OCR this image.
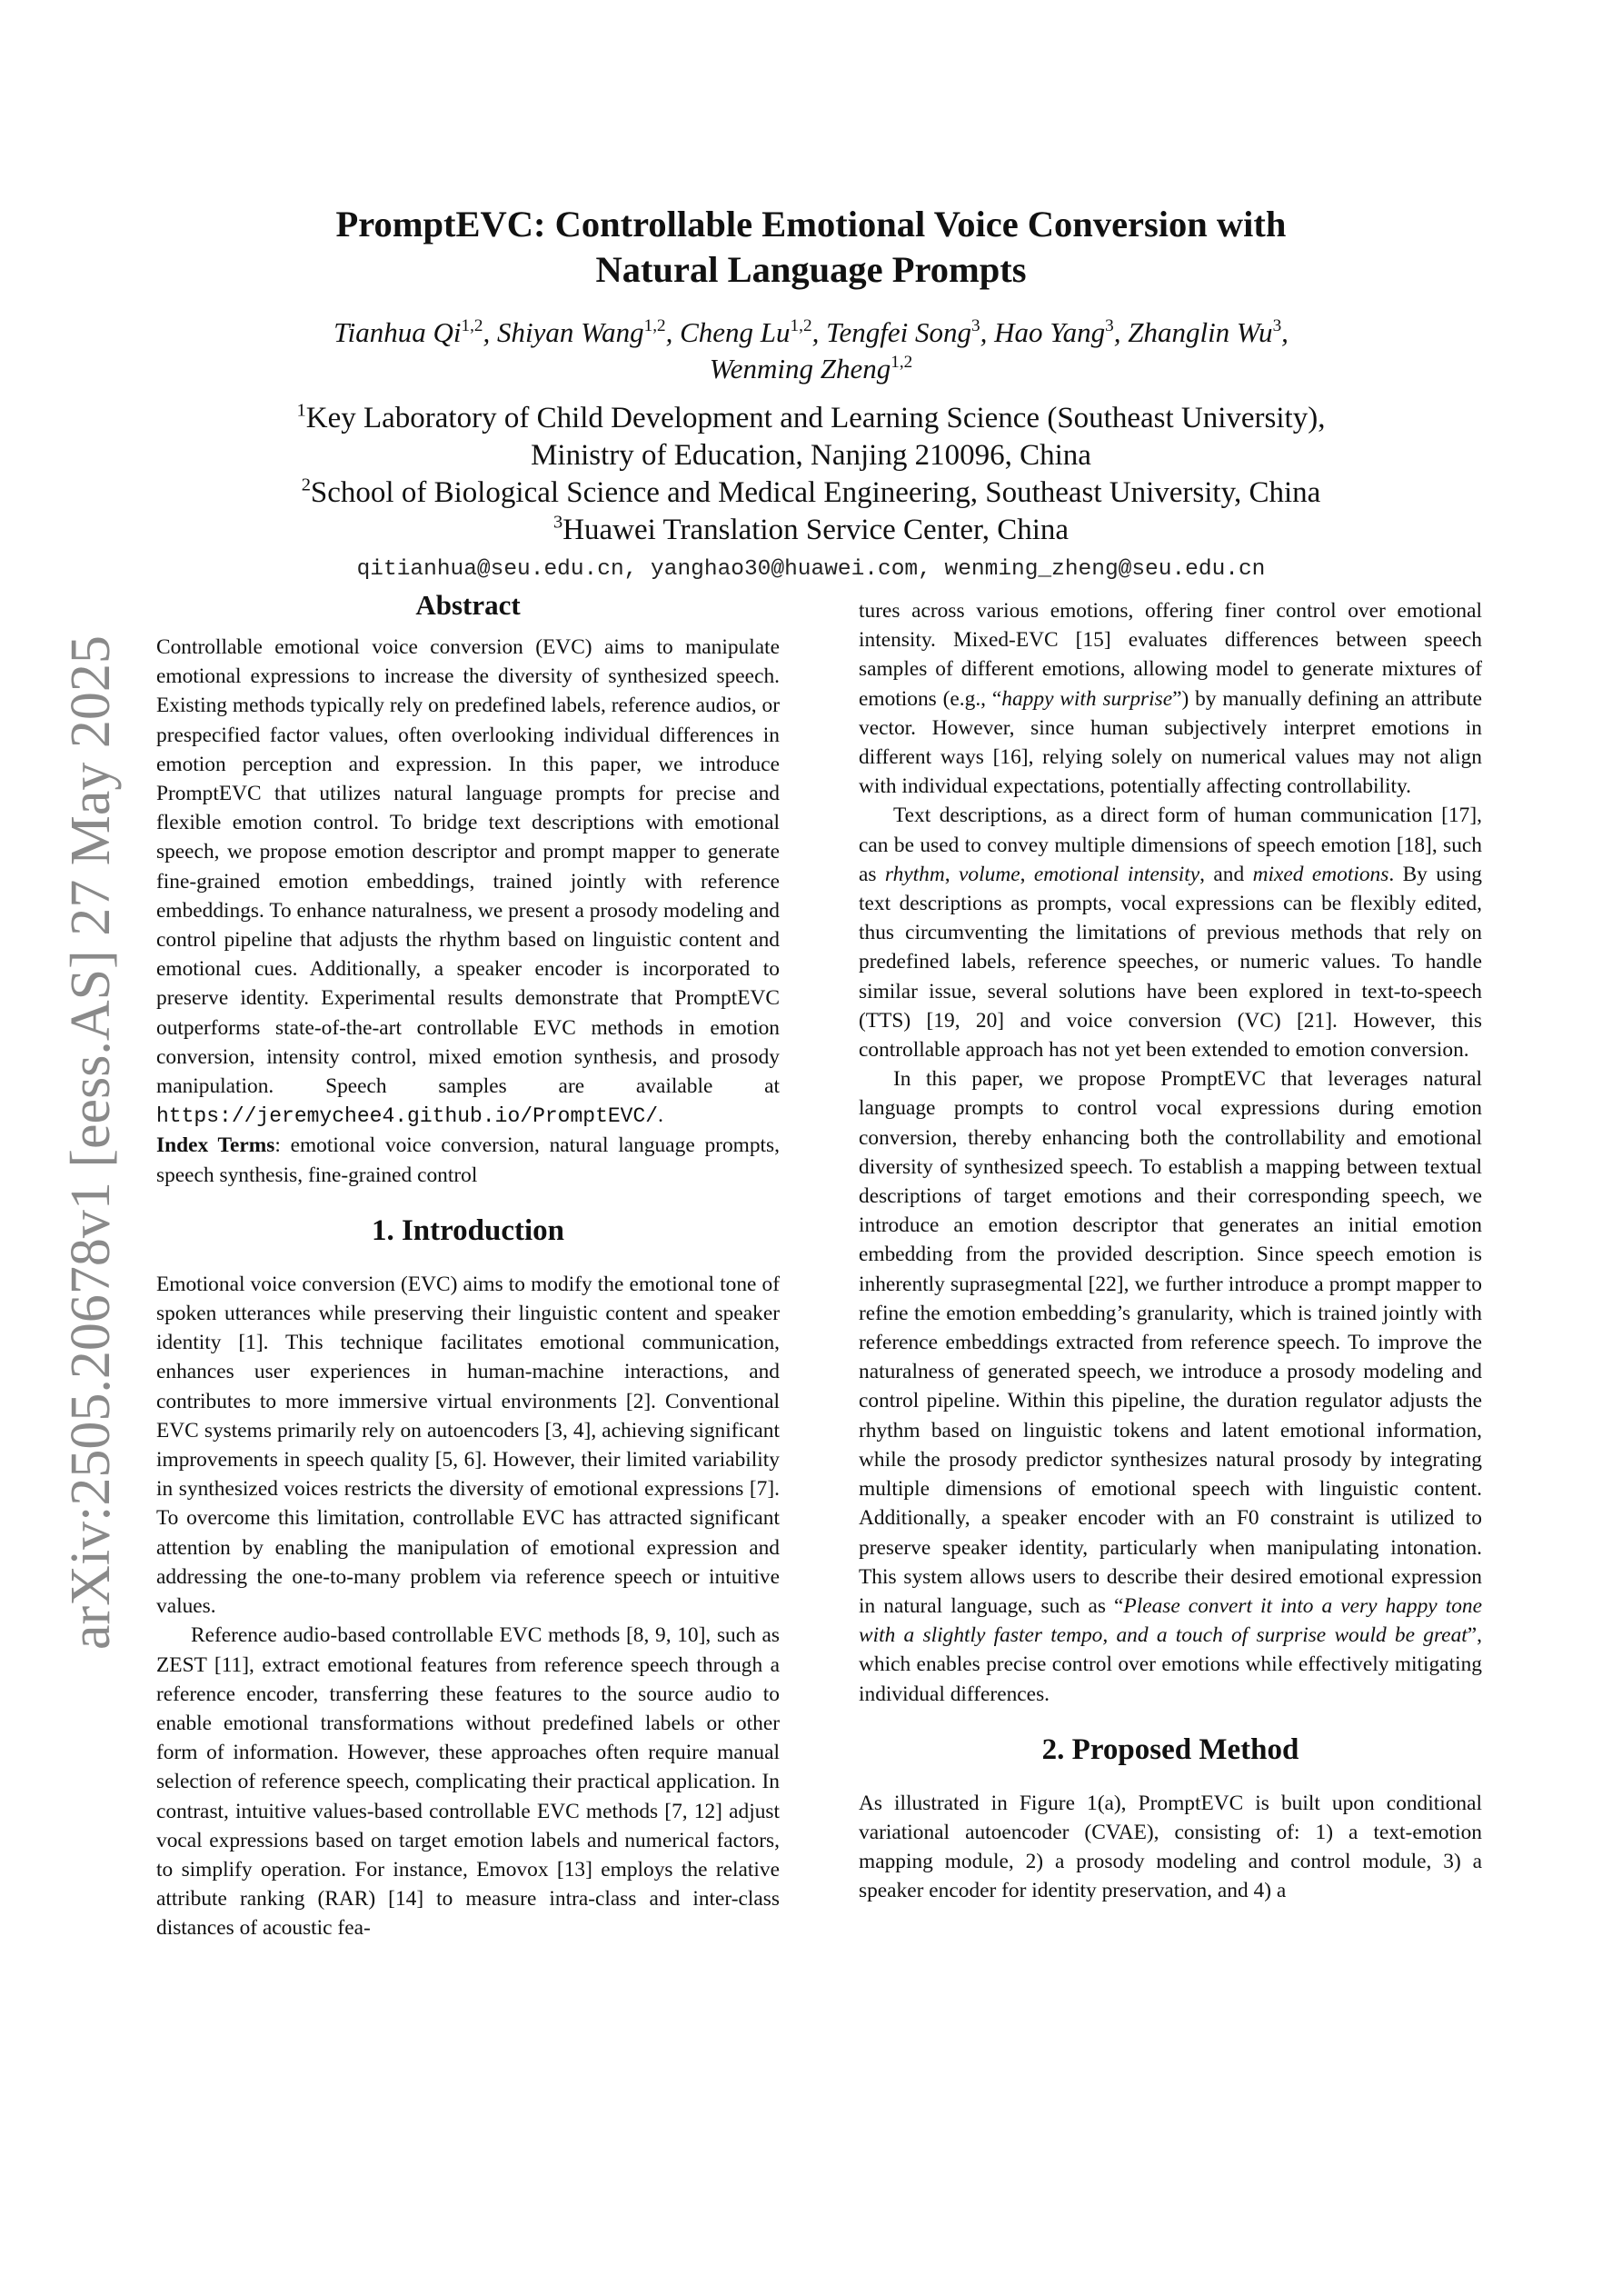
arXiv:2505.20678v1 [eess.AS] 27 May 2025
PromptEVC: Controllable Emotional Voice Conversion with
Natural Language Prompts
Tianhua Qi$^{1,2}$, Shiyan Wang$^{1,2}$, Cheng Lu$^{1,2}$, Tengfei Song$^3$, Hao Yang$^3$, Zhanglin Wu$^3$,
Wenming Zheng$^{1,2}$
$^1$Key Laboratory of Child Development and Learning Science (Southeast University),
Ministry of Education, Nanjing 210096, China
$^2$School of Biological Science and Medical Engineering, Southeast University, China
$^3$Huawei Translation Service Center, China
qitianhua@seu.edu.cn, yanghao30@huawei.com, wenming_zheng@seu.edu.cn
Abstract

Controllable emotional voice conversion (EVC) aims to manipulate emotional expressions to increase the diversity of synthesized speech. Existing methods typically rely on predefined labels, reference audios, or prespecified factor values, often overlooking individual differences in emotion perception and expression. In this paper, we introduce PromptEVC that utilizes natural language prompts for precise and flexible emotion control. To bridge text descriptions with emotional speech, we propose emotion descriptor and prompt mapper to generate fine-grained emotion embeddings, trained jointly with reference embeddings. To enhance naturalness, we present a prosody modeling and control pipeline that adjusts the rhythm based on linguistic content and emotional cues. Additionally, a speaker encoder is incorporated to preserve identity. Experimental results demonstrate that PromptEVC outperforms state-of-the-art controllable EVC methods in emotion conversion, intensity control, mixed emotion synthesis, and prosody manipulation. Speech samples are available at https://jeremychee4.github.io/PromptEVC/.

Index Terms: emotional voice conversion, natural language prompts, speech synthesis, fine-grained control

1. Introduction

Emotional voice conversion (EVC) aims to modify the emotional tone of spoken utterances while preserving their linguistic content and speaker identity [1]. This technique facilitates emotional communication, enhances user experiences in human-machine interactions, and contributes to more immersive virtual environments [2]. Conventional EVC systems primarily rely on autoencoders [3, 4], achieving significant improvements in speech quality [5, 6]. However, their limited variability in synthesized voices restricts the diversity of emotional expressions [7]. To overcome this limitation, controllable EVC has attracted significant attention by enabling the manipulation of emotional expression and addressing the one-to-many problem via reference speech or intuitive values.

Reference audio-based controllable EVC methods [8, 9, 10], such as ZEST [11], extract emotional features from reference speech through a reference encoder, transferring these features to the source audio to enable emotional transformations without predefined labels or other form of information. However, these approaches often require manual selection of reference speech, complicating their practical application. In contrast, intuitive values-based controllable EVC methods [7, 12] adjust vocal expressions based on target emotion labels and numerical factors, to simplify operation. For instance, Emovox [13] employs the relative attribute ranking (RAR) [14] to measure intra-class and inter-class distances of acoustic fea-

tures across various emotions, offering finer control over emotional intensity. Mixed-EVC [15] evaluates differences between speech samples of different emotions, allowing model to generate mixtures of emotions (e.g., “happy with surprise”) by manually defining an attribute vector. However, since human subjectively interpret emotions in different ways [16], relying solely on numerical values may not align with individual expectations, potentially affecting controllability.

Text descriptions, as a direct form of human communication [17], can be used to convey multiple dimensions of speech emotion [18], such as rhythm, volume, emotional intensity, and mixed emotions. By using text descriptions as prompts, vocal expressions can be flexibly edited, thus circumventing the limitations of previous methods that rely on predefined labels, reference speeches, or numeric values. To handle similar issue, several solutions have been explored in text-to-speech (TTS) [19, 20] and voice conversion (VC) [21]. However, this controllable approach has not yet been extended to emotion conversion.

In this paper, we propose PromptEVC that leverages natural language prompts to control vocal expressions during emotion conversion, thereby enhancing both the controllability and emotional diversity of synthesized speech. To establish a mapping between textual descriptions of target emotions and their corresponding speech, we introduce an emotion descriptor that generates an initial emotion embedding from the provided description. Since speech emotion is inherently suprasegmental [22], we further introduce a prompt mapper to refine the emotion embedding’s granularity, which is trained jointly with reference embeddings extracted from reference speech. To improve the naturalness of generated speech, we introduce a prosody modeling and control pipeline. Within this pipeline, the duration regulator adjusts the rhythm based on linguistic tokens and latent emotional information, while the prosody predictor synthesizes natural prosody by integrating multiple dimensions of emotional speech with linguistic content. Additionally, a speaker encoder with an F0 constraint is utilized to preserve speaker identity, particularly when manipulating intonation. This system allows users to describe their desired emotional expression in natural language, such as “Please convert it into a very happy tone with a slightly faster tempo, and a touch of surprise would be great”, which enables precise control over emotions while effectively mitigating individual differences.

2. Proposed Method

As illustrated in Figure 1(a), PromptEVC is built upon conditional variational autoencoder (CVAE), consisting of: 1) a text-emotion mapping module, 2) a prosody modeling and control module, 3) a speaker encoder for identity preservation, and 4) a
